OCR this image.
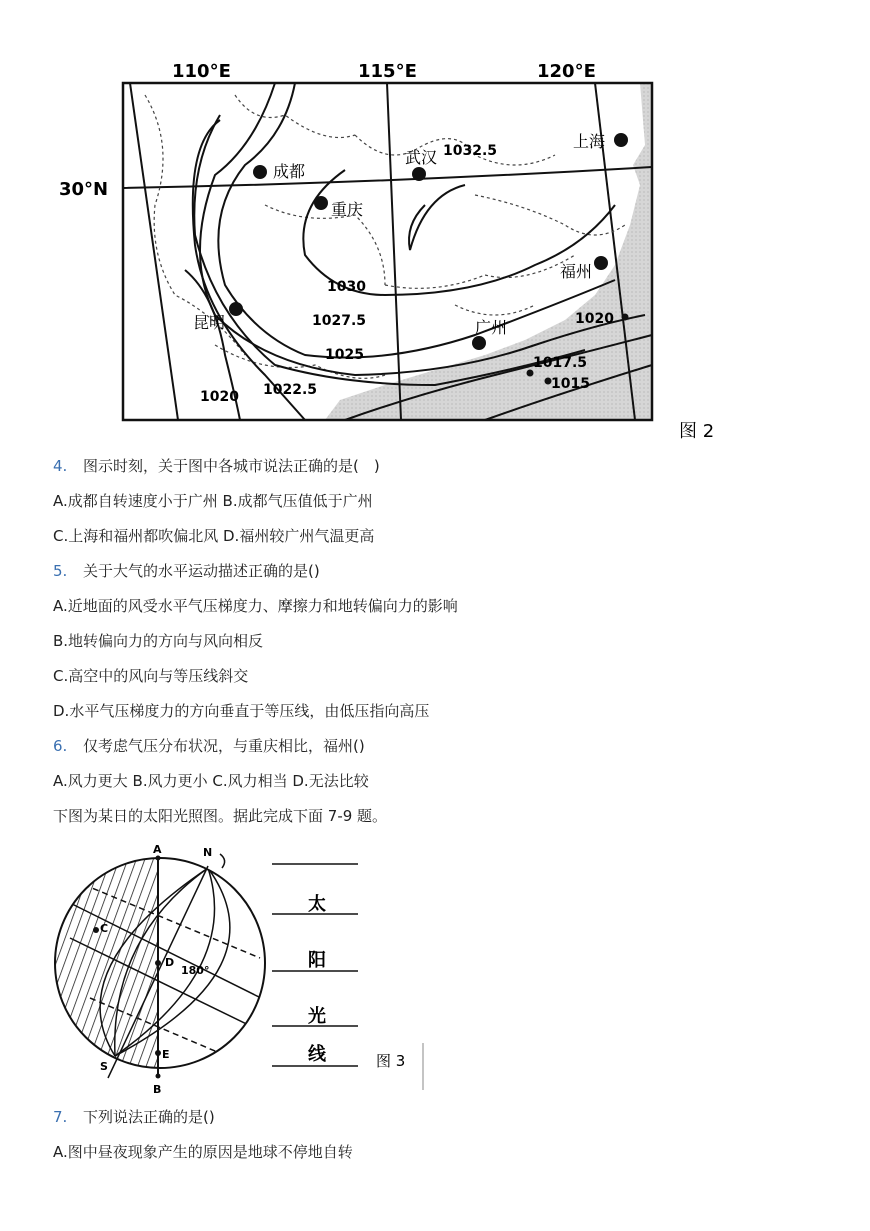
110°E	115°E	120°E
30°N
成都
重庆
武汉
上海
福州
广州
昆明
1032.5
1030
1027.5
1025
1022.5
1020
1020
1017.5
1015
图 2
4. 图示时刻，关于图中各城市说法正确的是(　)
A.成都自转速度小于广州 B.成都气压值低于广州
C.上海和福州都吹偏北风 D.福州较广州气温更高
5. 关于大气的水平运动描述正确的是()
A.近地面的风受水平气压梯度力、摩擦力和地转偏向力的影响
B.地转偏向力的方向与风向相反
C.高空中的风向与等压线斜交
D.水平气压梯度力的方向垂直于等压线，由低压指向高压
6. 仅考虑气压分布状况，与重庆相比，福州()
A.风力更大 B.风力更小 C.风力相当 D.无法比较
下图为某日的太阳光照图。据此完成下面 7-9 题。
A
B
C
D
E
N
S
180°
太
阳
光
线	图 3
7. 下列说法正确的是()
A.图中昼夜现象产生的原因是地球不停地自转
